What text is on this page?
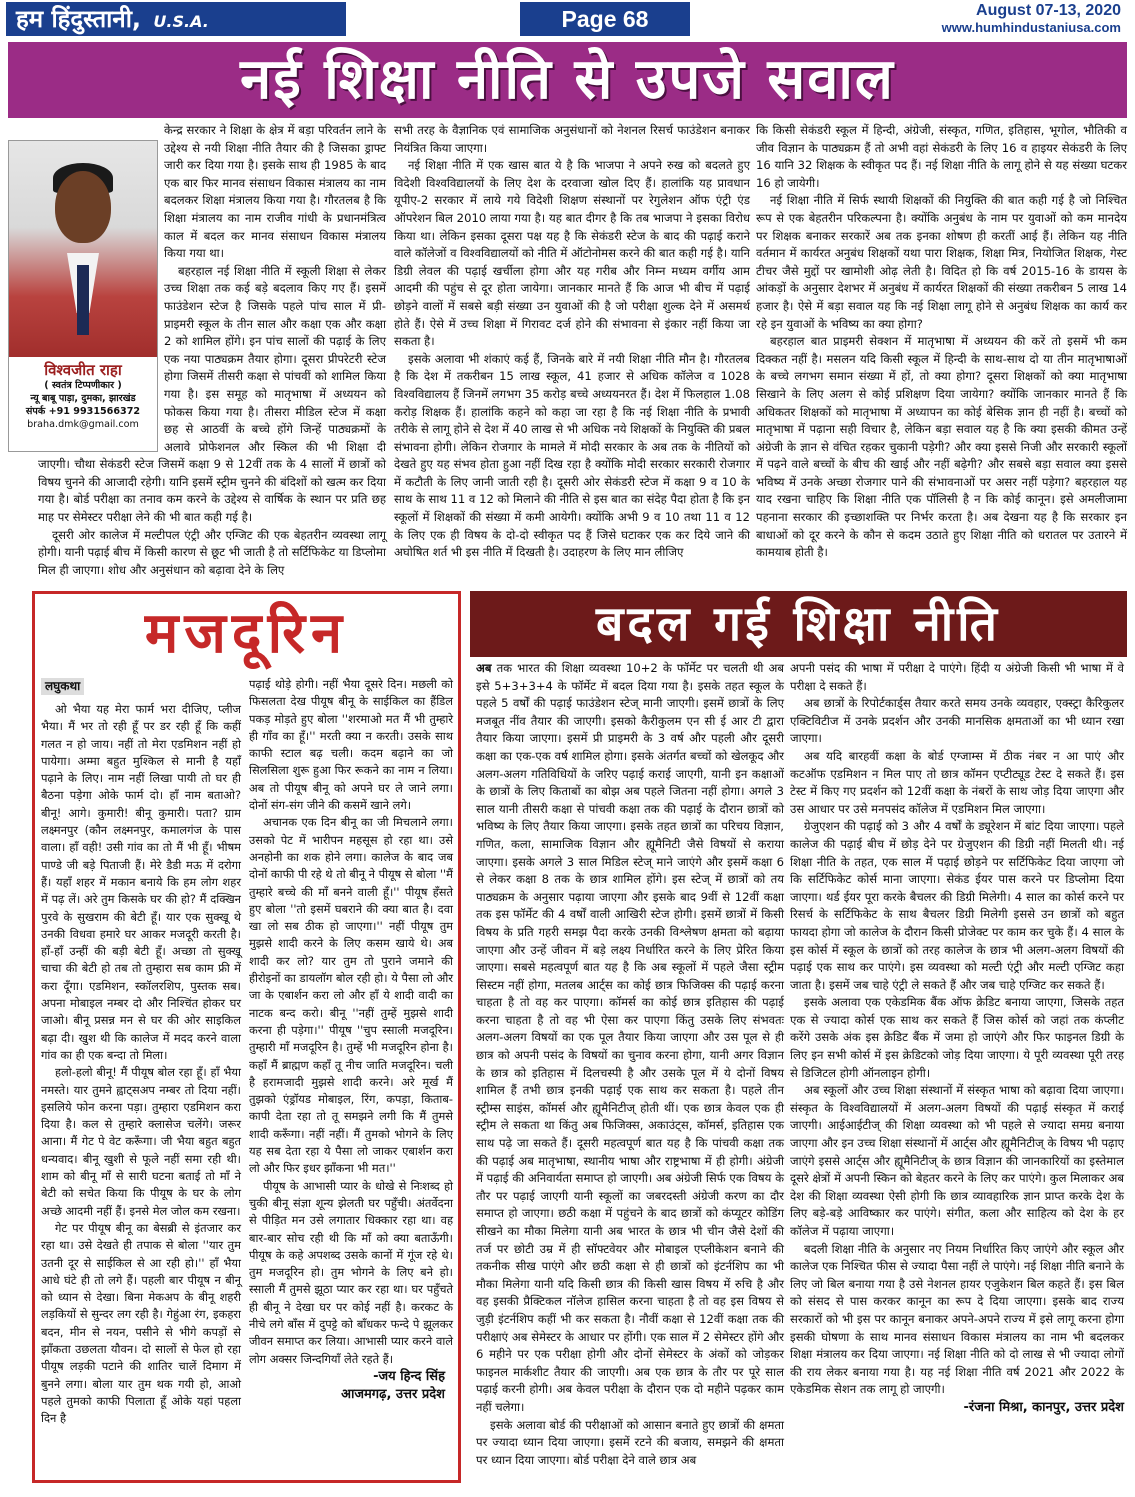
हम हिंदुस्तानी, U.S.A.	Page 68	August 07-13, 2020
www.humhindustaniusa.com
नई शिक्षा नीति से उपजे सवाल
विश्वजीत राहा
( स्वतंत्र टिप्पणीकार )
न्यू बाबू पाड़ा, दुमका, झारखंड
संपर्क +91 9931566372
braha.dmk@gmail.com

केन्द्र सरकार ने शिक्षा के क्षेत्र में बड़ा परिवर्तन लाने के उद्देश्य से नयी शिक्षा नीति तैयार की है जिसका ड्राफ्ट जारी कर दिया गया है। इसके साथ ही 1985 के बाद एक बार फिर मानव संसाधन विकास मंत्रालय का नाम बदलकर शिक्षा मंत्रालय किया गया है। गौरतलब है कि शिक्षा मंत्रालय का नाम राजीव गांधी के प्रधानमंत्रित्व काल में बदल कर मानव संसाधन विकास मंत्रालय किया गया था।

बहरहाल नई शिक्षा नीति में स्कूली शिक्षा से लेकर उच्च शिक्षा तक कई बड़े बदलाव किए गए हैं। इसमें फाउंडेशन स्टेज है जिसके पहले पांच साल में प्री-प्राइमरी स्कूल के तीन साल और कक्षा एक और कक्षा 2 को शामिल होंगे। इन पांच सालों की पढ़ाई के लिए एक नया पाठ्यक्रम तैयार होगा। दूसरा प्रीपरेटरी स्टेज होगा जिसमें तीसरी कक्षा से पांचवीं को शामिल किया गया है। इस समूह को मातृभाषा में अध्ययन को फोकस किया गया है। तीसरा मीडिल स्टेज में कक्षा छह से आठवीं के बच्चे होंगे जिन्हें पाठ्यक्रमों के अलावे प्रोफेशनल और स्किल की भी शिक्षा दी जाएगी। चौथा सेकंडरी स्टेज जिसमें कक्षा 9 से 12वीं तक के 4 सालों में छात्रों को विषय चुनने की आजादी रहेगी। यानि इसमें स्ट्रीम चुनने की बंदिशों को खत्म कर दिया गया है। बोर्ड परीक्षा का तनाव कम करने के उद्देश्य से वार्षिक के स्थान पर प्रति छह माह पर सेमेस्टर परीक्षा लेने की भी बात कही गई है।

दूसरी ओर कालेज में मल्टीपल एंट्री और एग्जिट की एक बेहतरीन व्यवस्था लागू होगी। यानी पढ़ाई बीच में किसी कारण से छूट भी जाती है तो सर्टिफिकेट या डिप्लोमा मिल ही जाएगा। शोध और अनुसंधान को बढ़ावा देने के लिए

सभी तरह के वैज्ञानिक एवं सामाजिक अनुसंधानों को नेशनल रिसर्च फाउंडेशन बनाकर नियंत्रित किया जाएगा।

नई शिक्षा नीति में एक खास बात ये है कि भाजपा ने अपने रुख को बदलते हुए विदेशी विश्वविद्यालयों के लिए देश के दरवाजा खोल दिए हैं। हालांकि यह प्रावधान यूपीए-2 सरकार में लाये गये विदेशी शिक्षण संस्थानों पर रेगुलेशन ऑफ एंट्री एंड ऑपरेशन बिल 2010 लाया गया है। यह बात दीगर है कि तब भाजपा ने इसका विरोध किया था। लेकिन इसका दूसरा पक्ष यह है कि सेकंडरी स्टेज के बाद की पढ़ाई कराने वाले कॉलेजों व विश्वविद्यालयों को नीति में ऑटोनोमस करने की बात कही गई है। यानि डिग्री लेवल की पढ़ाई खर्चीला होगा और यह गरीब और निम्न मध्यम वर्गीय आम आदमी की पहुंच से दूर होता जायेगा। जानकार मानते हैं कि आज भी बीच में पढ़ाई छोड़ने वालों में सबसे बड़ी संख्या उन युवाओं की है जो परीक्षा शुल्क देने में असमर्थ होते हैं। ऐसे में उच्च शिक्षा में गिरावट दर्ज होने की संभावना से इंकार नहीं किया जा सकता है।

इसके अलावा भी शंकाएं कई हैं, जिनके बारे में नयी शिक्षा नीति मौन है। गौरतलब है कि देश में तकरीबन 15 लाख स्कूल, 41 हजार से अधिक कॉलेज व 1028 विश्वविद्यालय हैं जिनमें लगभग 35 करोड़ बच्चे अध्ययनरत हैं। देश में फिलहाल 1.08 करोड़ शिक्षक हैं। हालांकि कहने को कहा जा रहा है कि नई शिक्षा नीति के प्रभावी तरीके से लागू होने से देश में 40 लाख से भी अधिक नये शिक्षकों के नियुक्ति की प्रबल संभावना होगी। लेकिन रोजगार के मामले में मोदी सरकार के अब तक के नीतियों को देखते हुए यह संभव होता हुआ नहीं दिख रहा है क्योंकि मोदी सरकार सरकारी रोजगार में कटौती के लिए जानी जाती रही है। दूसरी ओर सेकंडरी स्टेज में कक्षा 9 व 10 के साथ के साथ 11 व 12 को मिलाने की नीति से इस बात का संदेह पैदा होता है कि इन स्कूलों में शिक्षकों की संख्या में कमी आयेगी। क्योंकि अभी 9 व 10 तथा 11 व 12 के लिए एक ही विषय के दो-दो स्वीकृत पद हैं जिसे घटाकर एक कर दिये जाने की अघोषित शर्त भी इस नीति में दिखती है। उदाहरण के लिए मान लीजिए

कि किसी सेकंडरी स्कूल में हिन्दी, अंग्रेजी, संस्कृत, गणित, इतिहास, भूगोल, भौतिकी व जीव विज्ञान के पाठ्यक्रम हैं तो अभी वहां सेकंडरी के लिए 16 व हाइयर सेकंडरी के लिए 16 यानि 32 शिक्षक के स्वीकृत पद हैं। नई शिक्षा नीति के लागू होने से यह संख्या घटकर 16 हो जायेगी।

नई शिक्षा नीति में सिर्फ स्थायी शिक्षकों की नियुक्ति की बात कही गई है जो निश्चित रूप से एक बेहतरीन परिकल्पना है। क्योंकि अनुबंध के नाम पर युवाओं को कम मानदेय पर शिक्षक बनाकर सरकारें अब तक इनका शोषण ही करतीं आई हैं। लेकिन यह नीति वर्तमान में कार्यरत अनुबंध शिक्षकों यथा पारा शिक्षक, शिक्षा मित्र, नियोजित शिक्षक, गेस्ट टीचर जैसे मुद्दों पर खामोशी ओढ़ लेती है। विदित हो कि वर्ष 2015-16 के डायस के आंकड़ों के अनुसार देशभर में अनुबंध में कार्यरत शिक्षकों की संख्या तकरीबन 5 लाख 14 हजार है। ऐसे में बड़ा सवाल यह कि नई शिक्षा लागू होने से अनुबंध शिक्षक का कार्य कर रहे इन युवाओं के भविष्य का क्या होगा?

बहरहाल बात प्राइमरी सेक्शन में मातृभाषा में अध्ययन की करें तो इसमें भी कम दिक्कत नहीं है। मसलन यदि किसी स्कूल में हिन्दी के साथ-साथ दो या तीन मातृभाषाओं के बच्चे लगभग समान संख्या में हों, तो क्या होगा? दूसरा शिक्षकों को क्या मातृभाषा सिखाने के लिए अलग से कोई प्रशिक्षण दिया जायेगा? क्योंकि जानकार मानते हैं कि अधिकतर शिक्षकों को मातृभाषा में अध्यापन का कोई बेसिक ज्ञान ही नहीं है। बच्चों को मातृभाषा में पढ़ाना सही विचार है, लेकिन बड़ा सवाल यह है कि क्या इसकी कीमत उन्हें अंग्रेजी के ज्ञान से वंचित रहकर चुकानी पड़ेगी? और क्या इससे निजी और सरकारी स्कूलों में पढ़ने वाले बच्चों के बीच की खाई और नहीं बढ़ेगी? और सबसे बड़ा सवाल क्या इससे भविष्य में उनके अच्छा रोजगार पाने की संभावनाओं पर असर नहीं पड़ेगा? बहरहाल यह याद रखना चाहिए कि शिक्षा नीति एक पॉलिसी है न कि कोई कानून। इसे अमलीजामा पहनाना सरकार की इच्छाशक्ति पर निर्भर करता है। अब देखना यह है कि सरकार इन बाधाओं को दूर करने के कौन से कदम उठाते हुए शिक्षा नीति को धरातल पर उतारने में कामयाब होती है।

मजदूरिन
लघुकथा

ओ भैया यह मेरा फार्म भरा दीजिए, प्लीज भैया। मैं भर तो रही हूँ पर डर रही हूँ कि कहीं गलत न हो जाय। नहीं तो मेरा एडमिशन नहीं हो पायेगा। अम्मा बहुत मुश्किल से मानी है यहाँ पढ़ाने के लिए। नाम नहीं लिखा पायी तो घर ही बैठना पड़ेगा ओके फार्म दो। हाँ नाम बताओ? बीनू! आगे। कुमारी! बीनू कुमारी। पता? ग्राम लक्ष्मनपुर (कौन लक्ष्मनपुर, कमालगंज के पास वाला। हाँ वही! उसी गांव का तो मैं भी हूँ। भीषम पाण्डे जी बड़े पिताजी हैं। मेरे डैडी मऊ में दरोगा हैं। यहाँ शहर में मकान बनाये कि हम लोग शहर में पढ़ लें। अरे तुम किसके घर की हो? मैं दक्खिन पुरवे के सुखराम की बेटी हूँ। यार एक सुक्खू थे उनकी विधवा हमारे घर आकर मजदूरी करती है। हाँ-हाँ उन्हीं की बड़ी बेटी हूँ। अच्छा तो सुक्खू चाचा की बेटी हो तब तो तुम्हारा सब काम फ्री में करा दूँगा। एडमिशन, स्कॉलरशिप, पुस्तक सब। अपना मोबाइल नम्बर दो और निश्चिंत होकर घर जाओ। बीनू प्रसन्न मन से घर की ओर साइकिल बढ़ा दी। खुश थी कि कालेज में मदद करने वाला गांव का ही एक बन्दा तो मिला।

हलो-हलो बीनू! मैं पीयूष बोल रहा हूँ। हाँ भैया नमस्ते। यार तुमने ह्वाट्सअप नम्बर तो दिया नहीं। इसलिये फोन करना पड़ा। तुम्हारा एडमिशन करा दिया है। कल से तुम्हारे क्लासेज चलेंगे। जरूर आना। मैं गेट पे वेट करूँगा। जी भैया बहुत बहुत धन्यवाद। बीनू खुशी से फूले नहीं समा रही थी। शाम को बीनू माँ से सारी घटना बताई तो माँ ने बेटी को सचेत किया कि पीयूष के घर के लोग अच्छे आदमी नहीं हैं। इनसे मेल जोल कम रखना।

गेट पर पीयूष बीनू का बेसब्री से इंतजार कर रहा था। उसे देखते ही तपाक से बोला ''यार तुम उतनी दूर से साईकिल से आ रही हो।'' हाँ भैया आधे घंटे ही तो लगे हैं। पहली बार पीयूष न बीनू को ध्यान से देखा। बिना मेकअप के बीनू शहरी लड़कियों से सुन्दर लग रही है। गेहुंआ रंग, इकहरा बदन, मीन से नयन, पसीने से भीगे कपड़ों से झाँकता उछलता यौवन। दो सालों से फेल हो रहा पीयूष लड़की पटाने की शातिर चालें दिमाग में बुनने लगा। बोला यार तुम थक गयी हो, आओ पहले तुमको काफी पिलाता हूँ ओके यहां पहला दिन है

पढ़ाई थोड़े होगी। नहीं भैया दूसरे दिन। मछली को फिसलता देख पीयूष बीनू के साईकिल का हैंडिल पकड़ मोड़ते हुए बोला ''शरमाओ मत मैं भी तुम्हारे ही गाँव का हूँ।'' मरती क्या न करती। उसके साथ काफी स्टाल बढ़ चली। कदम बढ़ाने का जो सिलसिला शुरू हुआ फिर रूकने का नाम न लिया। अब तो पीयूष बीनू को अपने घर ले जाने लगा। दोनों संग-संग जीने की कसमें खाने लगे।

अचानक एक दिन बीनू का जी मिचलाने लगा। उसको पेट में भारीपन महसूस हो रहा था। उसे अनहोनी का शक होने लगा। कालेज के बाद जब दोनों काफी पी रहे थे तो बीनू ने पीयूष से बोला ''मैं तुम्हारे बच्चे की माँ बनने वाली हूँ।'' पीयूष हँसते हुए बोला ''तो इसमें घबराने की क्या बात है। दवा खा लो सब ठीक हो जाएगा।'' नहीं पीयूष तुम मुझसे शादी करने के लिए कसम खाये थे। अब शादी कर लो? यार तुम तो पुराने जमाने की हीरोइनों का डायलॉग बोल रही हो। ये पैसा लो और जा के एबार्शन करा लो और हाँ ये शादी वादी का नाटक बन्द करो। बीनू ''नहीं तुम्हें मुझसे शादी करना ही पड़ेगा।'' पीयूष ''चुप स्साली मजदूरिन। तुम्हारी माँ मजदूरिन है। तुम्हें भी मजदूरिन होना है। कहाँ मैं ब्राह्मण कहाँ तू नीच जाति मजदूरिन। चली है हरामजादी मुझसे शादी करने। अरे मूर्ख मैं तुझको एंड्रॉयड मोबाइल, रिंग, कपड़ा, किताब-कापी देता रहा तो तू समझने लगी कि मैं तुमसे शादी करूँगा। नहीं नहीं। मैं तुमको भोगने के लिए यह सब देता रहा ये पैसा लो जाकर एबार्शन करा लो और फिर इधर झाँकना भी मत।''

पीयूष के आभासी प्यार के धोखे से निःशब्द हो चुकी बीनू संज्ञा शून्य झेलती घर पहुँची। अंतर्वेदना से पीड़ित मन उसे लगातार धिक्कार रहा था। वह बार-बार सोच रही थी कि माँ को क्या बताऊँगी। पीयूष के कहे अपशब्द उसके कानों में गूंज रहे थे। तुम मजदूरिन हो। तुम भोगने के लिए बने हो। स्साली मैं तुमसे झूठा प्यार कर रहा था। घर पहुँचते ही बीनू ने देखा घर पर कोई नहीं है। करकट के नीचे लगे बाँस में दुपट्टे को बाँधकर फन्दे पे झूलकर जीवन समाप्त कर लिया। आभासी प्यार करने वाले लोग अक्सर जिन्दगियाँ लेते रहते हैं।

-जय हिन्द सिंह
आजमगढ़, उत्तर प्रदेश
बदल गई शिक्षा नीति

अब तक भारत की शिक्षा व्यवस्था 10+2 के फॉर्मेट पर चलती थी अब इसे 5+3+3+4 के फॉर्मेट में बदल दिया गया है। इसके तहत स्कूल के पहले 5 वर्षों की पढ़ाई फाउंडेशन स्टेज् मानी जाएगी। इसमें छात्रों के लिए मजबूत नींव तैयार की जाएगी। इसको कैरीकुलम एन सी ई आर टी द्वारा तैयार किया जाएगा। इसमें प्री प्राइमरी के 3 वर्ष और पहली और दूसरी कक्षा का एक-एक वर्ष शामिल होगा। इसके अंतर्गत बच्चों को खेलकूद और अलग-अलग गतिविधियों के जरिए पढ़ाई कराई जाएगी, यानी इन कक्षाओं के छात्रों के लिए किताबों का बोझ अब पहले जितना नहीं होगा। अगले 3 साल यानी तीसरी कक्षा से पांचवी कक्षा तक की पढ़ाई के दौरान छात्रों को भविष्य के लिए तैयार किया जाएगा। इसके तहत छात्रों का परिचय विज्ञान, गणित, कला, सामाजिक विज्ञान और ह्यूमैनिटी जैसे विषयों से कराया जाएगा। इसके अगले 3 साल मिडिल स्टेज् माने जाएंगे और इसमें कक्षा 6 से लेकर कक्षा 8 तक के छात्र शामिल होंगे। इस स्टेज् में छात्रों को तय पाठ्यक्रम के अनुसार पढ़ाया जाएगा और इसके बाद 9वीं से 12वीं कक्षा तक इस फॉर्मेट की 4 वर्षों वाली आखिरी स्टेज होगी। इसमें छात्रों में किसी विषय के प्रति गहरी समझ पैदा करके उनकी विश्लेषण क्षमता को बढ़ाया जाएगा और उन्हें जीवन में बड़े लक्ष्य निर्धारित करने के लिए प्रेरित किया जाएगा। सबसे महत्वपूर्ण बात यह है कि अब स्कूलों में पहले जैसा स्ट्रीम सिस्टम नहीं होगा, मतलब आर्ट्स का कोई छात्र फिजिक्स की पढ़ाई करना चाहता है तो वह कर पाएगा। कॉमर्स का कोई छात्र इतिहास की पढ़ाई करना चाहता है तो वह भी ऐसा कर पाएगा किंतु उसके लिए संभवतः अलग-अलग विषयों का एक पूल तैयार किया जाएगा और उस पूल से ही छात्र को अपनी पसंद के विषयों का चुनाव करना होगा, यानी अगर विज्ञान के छात्र को इतिहास में दिलचस्पी है और उसके पूल में ये दोनों विषय शामिल हैं तभी छात्र इनकी पढ़ाई एक साथ कर सकता है। पहले तीन स्ट्रीम्स साइंस, कॉमर्स और ह्यूमैनिटीज् होती थीं। एक छात्र केवल एक ही स्ट्रीम ले सकता था किंतु अब फिजिक्स, अकाउंट्स, कॉमर्स, इतिहास एक साथ पढ़े जा सकते हैं। दूसरी महत्वपूर्ण बात यह है कि पांचवी कक्षा तक की पढ़ाई अब मातृभाषा, स्थानीय भाषा और राष्ट्रभाषा में ही होगी। अंग्रेजी में पढ़ाई की अनिवार्यता समाप्त हो जाएगी। अब अंग्रेजी सिर्फ एक विषय के तौर पर पढ़ाई जाएगी यानी स्कूलों का जबरदस्ती अंग्रेजी करण का दौर समाप्त हो जाएगा। छठी कक्षा में पहुंचने के बाद छात्रों को कंप्यूटर कोडिंग सीखने का मौका मिलेगा यानी अब भारत के छात्र भी चीन जैसे देशों की तर्ज पर छोटी उम्र में ही सॉफ्टवेयर और मोबाइल एप्लीकेशन बनाने की तकनीक सीख पाएंगे और छठी कक्षा से ही छात्रों को इंटर्नशिप का भी मौका मिलेगा यानी यदि किसी छात्र की किसी खास विषय में रुचि है और वह इसकी प्रैक्टिकल नॉलेज हासिल करना चाहता है तो वह इस विषय से जुड़ी इंटर्नशिप कहीं भी कर सकता है। नौवीं कक्षा से 12वीं कक्षा तक की परीक्षाएं अब सेमेस्टर के आधार पर होंगी। एक साल में 2 सेमेस्टर होंगे और 6 महीने पर एक परीक्षा होगी और दोनों सेमेस्टर के अंकों को जोड़कर फाइनल मार्कशीट तैयार की जाएगी। अब एक छात्र के तौर पर पूरे साल पढ़ाई करनी होगी। अब केवल परीक्षा के दौरान एक दो महीने पढ़कर काम नहीं चलेगा।

इसके अलावा बोर्ड की परीक्षाओं को आसान बनाते हुए छात्रों की क्षमता पर ज्यादा ध्यान दिया जाएगा। इसमें रटने की बजाय, समझने की क्षमता पर ध्यान दिया जाएगा। बोर्ड परीक्षा देने वाले छात्र अब

अपनी पसंद की भाषा में परीक्षा दे पाएंगे। हिंदी य अंग्रेजी किसी भी भाषा में वे परीक्षा दे सकते हैं।

अब छात्रों के रिपोर्टकार्ड्स तैयार करते समय उनके व्यवहार, एक्स्ट्रा कैरिकुलर एक्टिविटीज में उनके प्रदर्शन और उनकी मानसिक क्षमताओं का भी ध्यान रखा जाएगा।

अब यदि बारहवीं कक्षा के बोर्ड एग्जाम्स में ठीक नंबर न आ पाएं और कटऑफ एडमिशन न मिल पाए तो छात्र कॉमन एप्टीट्यूड टेस्ट दे सकते हैं। इस टेस्ट में किए गए प्रदर्शन को 12वीं कक्षा के नंबरों के साथ जोड़ दिया जाएगा और उस आधार पर उसे मनपसंद कॉलेज में एडमिशन मिल जाएगा।

ग्रेजुएशन की पढ़ाई को 3 और 4 वर्षों के ड्यूरेशन में बांट दिया जाएगा। पहले कालेज की पढ़ाई बीच में छोड़ देने पर ग्रेजुएशन की डिग्री नहीं मिलती थी। नई शिक्षा नीति के तहत, एक साल में पढ़ाई छोड़ने पर सर्टिफिकेट दिया जाएगा जो कि सर्टिफिकेट कोर्स माना जाएगा। सेकंड ईयर पास करने पर डिप्लोमा दिया जाएगा। थर्ड ईयर पूरा करके बैचलर की डिग्री मिलेगी। 4 साल का कोर्स करने पर रिसर्च के सर्टिफिकेट के साथ बैचलर डिग्री मिलेगी इससे उन छात्रों को बहुत फायदा होगा जो कालेज के दौरान किसी प्रोजेक्ट पर काम कर चुके हैं। 4 साल के इस कोर्स में स्कूल के छात्रों को तरह कालेज के छात्र भी अलग-अलग विषयों की पढ़ाई एक साथ कर पाएंगे। इस व्यवस्था को मल्टी एंट्री और मल्टी एग्जिट कहा जाता है। इसमें जब चाहे एंट्री ले सकते हैं और जब चाहे एग्जिट कर सकते हैं।

इसके अलावा एक एकेडमिक बैंक ऑफ क्रेडिट बनाया जाएगा, जिसके तहत एक से ज्यादा कोर्स एक साथ कर सकते हैं जिस कोर्स को जहां तक कंप्लीट करेंगे उसके अंक इस क्रेडिट बैंक में जमा हो जाएंगे और फिर फाइनल डिग्री के लिए इन सभी कोर्स में इस क्रेडिटको जोड़ दिया जाएगा। ये पूरी व्यवस्था पूरी तरह से डिजिटल होगी ऑनलाइन होगी।

अब स्कूलों और उच्च शिक्षा संस्थानों में संस्कृत भाषा को बढ़ावा दिया जाएगा। संस्कृत के विश्वविद्यालयों में अलग-अलग विषयों की पढ़ाई संस्कृत में कराई जाएगी। आईआईटीज् की शिक्षा व्यवस्था को भी पहले से ज्यादा समग्र बनाया जाएगा और इन उच्च शिक्षा संस्थानों में आर्ट्स और ह्यूमैनिटीज् के विषय भी पढ़ाए जाएंगे इससे आर्ट्स और ह्यूमैनिटीज् के छात्र विज्ञान की जानकारियों का इस्तेमाल दूसरे क्षेत्रों में अपनी स्किन को बेहतर करने के लिए कर पाएंगे। कुल मिलाकर अब देश की शिक्षा व्यवस्था ऐसी होगी कि छात्र व्यावहारिक ज्ञान प्राप्त करके देश के लिए बड़े-बड़े आविष्कार कर पाएंगे। संगीत, कला और साहित्य को देश के हर कॉलेज में पढ़ाया जाएगा।

बदली शिक्षा नीति के अनुसार नए नियम निर्धारित किए जाएंगे और स्कूल और कालेज एक निश्चित फीस से ज्यादा पैसा नहीं ले पाएंगे। नई शिक्षा नीति बनाने के लिए जो बिल बनाया गया है उसे नेशनल हायर एजुकेशन बिल कहते हैं। इस बिल को संसद से पास करकर कानून का रूप दे दिया जाएगा। इसके बाद राज्य सरकारों को भी इस पर कानून बनाकर अपने-अपने राज्य में इसे लागू करना होगा इसकी घोषणा के साथ मानव संसाधन विकास मंत्रालय का नाम भी बदलकर शिक्षा मंत्रालय कर दिया जाएगा। नई शिक्षा नीति को दो लाख से भी ज्यादा लोगों की राय लेकर बनाया गया है। यह नई शिक्षा नीति वर्ष 2021 और 2022 के एकेडमिक सेशन तक लागू हो जाएगी।

-रंजना मिश्रा, कानपुर, उत्तर प्रदेश
